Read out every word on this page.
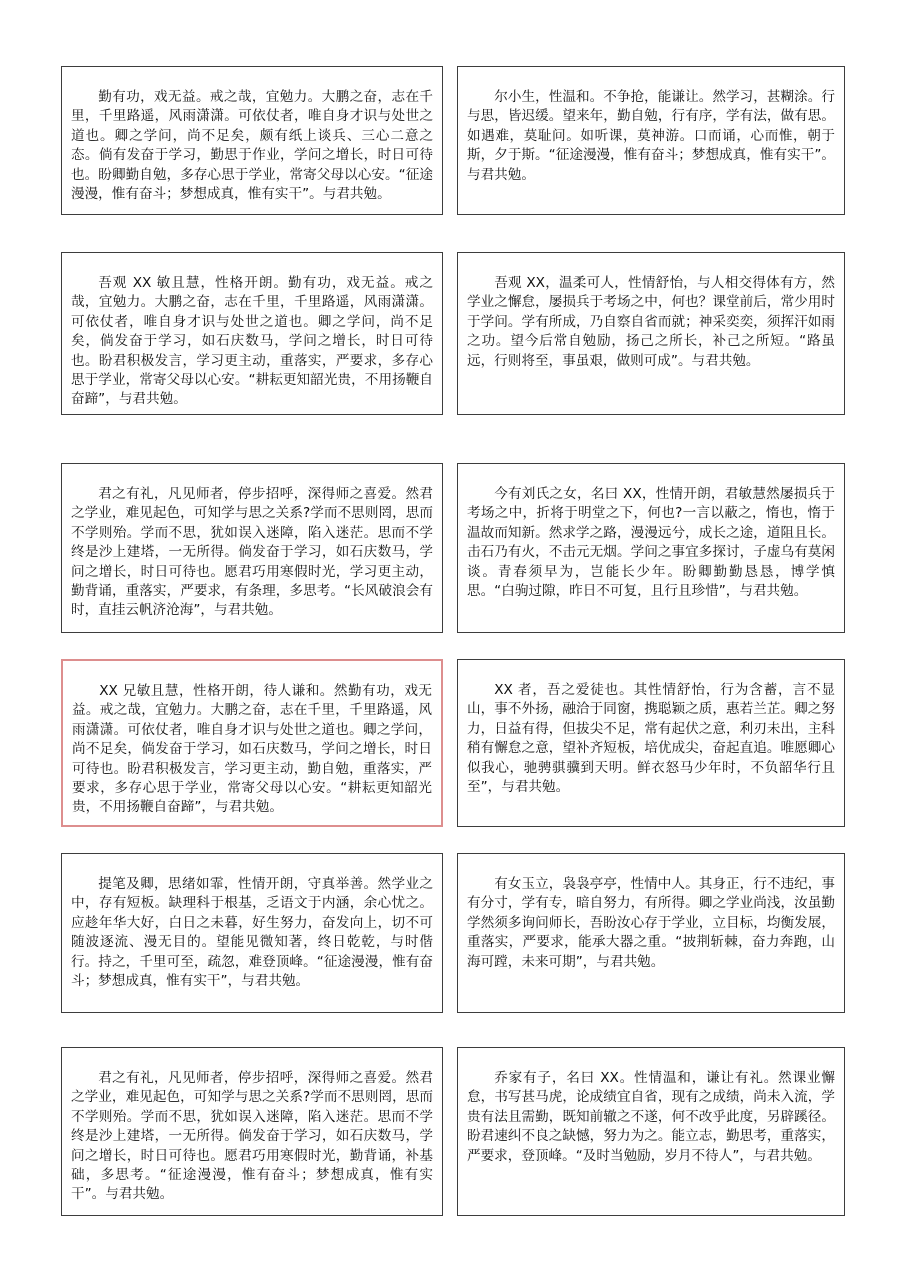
勤有功，戏无益。戒之哉，宜勉力。大鹏之奋，志在千里，千里路遥，风雨潇潇。可依仗者，唯自身才识与处世之道也。卿之学问，尚不足矣，颇有纸上谈兵、三心二意之态。倘有发奋于学习，勤思于作业，学问之增长，时日可待也。盼卿勤自勉，多存心思于学业，常寄父母以心安。“征途漫漫，惟有奋斗；梦想成真，惟有实干”。与君共勉。

尔小生，性温和。不争抢，能谦让。然学习，甚糊涂。行与思，皆迟缓。望来年，勤自勉，行有序，学有法，做有思。如遇难，莫耻问。如听课，莫神游。口而诵，心而惟，朝于斯，夕于斯。“征途漫漫，惟有奋斗；梦想成真，惟有实干”。与君共勉。

吾观 XX 敏且慧，性格开朗。勤有功，戏无益。戒之哉，宜勉力。大鹏之奋，志在千里，千里路遥，风雨潇潇。可依仗者，唯自身才识与处世之道也。卿之学问，尚不足矣，倘发奋于学习，如石庆数马，学问之增长，时日可待也。盼君积极发言，学习更主动，重落实，严要求，多存心思于学业，常寄父母以心安。“耕耘更知韶光贵，不用扬鞭自奋蹄”，与君共勉。

吾观 XX，温柔可人，性情舒怡，与人相交得体有方，然学业之懈怠，屡损兵于考场之中，何也？课堂前后，常少用时于学问。学有所成，乃自察自省而就；神采奕奕，须挥汗如雨之功。望今后常自勉励，扬己之所长，补己之所短。“路虽远，行则将至，事虽艰，做则可成”。与君共勉。

君之有礼，凡见师者，停步招呼，深得师之喜爱。然君之学业，难见起色，可知学与思之关系?学而不思则罔，思而不学则殆。学而不思，犹如误入迷障，陷入迷茫。思而不学终是沙上建塔，一无所得。倘发奋于学习，如石庆数马，学问之增长，时日可待也。愿君巧用寒假时光，学习更主动，勤背诵，重落实，严要求，有条理，多思考。“长风破浪会有时，直挂云帆济沧海”，与君共勉。

今有刘氏之女，名曰 XX，性情开朗，君敏慧然屡损兵于考场之中，折将于明堂之下，何也?一言以蔽之，惰也，惰于温故而知新。然求学之路，漫漫远兮，成长之途，道阻且长。击石乃有火，不击元无烟。学问之事宜多探讨，子虚乌有莫闲谈。青春须早为，岂能长少年。盼卿勤勤恳恳，博学慎思。“白驹过隙，昨日不可复，且行且珍惜”，与君共勉。

XX 兄敏且慧，性格开朗，待人谦和。然勤有功，戏无益。戒之哉，宜勉力。大鹏之奋，志在千里，千里路遥，风雨潇潇。可依仗者，唯自身才识与处世之道也。卿之学问，尚不足矣，倘发奋于学习，如石庆数马，学问之增长，时日可待也。盼君积极发言，学习更主动，勤自勉，重落实，严要求，多存心思于学业，常寄父母以心安。“耕耘更知韶光贵，不用扬鞭自奋蹄”，与君共勉。

XX 者，吾之爱徒也。其性情舒怡，行为含蓄，言不显山，事不外扬，融洽于同窗，携聪颖之质，惠若兰芷。卿之努力，日益有得，但拔尖不足，常有起伏之意，利刃未出，主科稍有懈怠之意，望补齐短板，培优成尖，奋起直追。唯愿卿心似我心，驰骋骐骥到天明。鲜衣怒马少年时，不负韶华行且至”，与君共勉。

提笔及卿，思绪如霏，性情开朗，守真举善。然学业之中，存有短板。缺理科于根基，乏语文于内涵，余心忧之。应趁年华大好，白日之未暮，好生努力，奋发向上，切不可随波逐流、漫无目的。望能见微知著，终日乾乾，与时偕行。持之，千里可至，疏忽，难登顶峰。“征途漫漫，惟有奋斗；梦想成真，惟有实干”，与君共勉。

有女玉立，袅袅亭亭，性情中人。其身正，行不违纪，事有分寸，学有专，暗自努力，有所得。卿之学业尚浅，汝虽勤学然须多询问师长，吾盼汝心存于学业，立目标，均衡发展，重落实，严要求，能承大器之重。“披荆斩棘，奋力奔跑，山海可蹚，未来可期”，与君共勉。

君之有礼，凡见师者，停步招呼，深得师之喜爱。然君之学业，难见起色，可知学与思之关系?学而不思则罔，思而不学则殆。学而不思，犹如误入迷障，陷入迷茫。思而不学终是沙上建塔，一无所得。倘发奋于学习，如石庆数马，学问之增长，时日可待也。愿君巧用寒假时光，勤背诵，补基础，多思考。“征途漫漫，惟有奋斗；梦想成真，惟有实干”。与君共勉。

乔家有子，名曰 XX。性情温和，谦让有礼。然课业懈怠，书写甚马虎，论成绩宜自省，现有之成绩，尚未入流，学贵有法且需勤，既知前辙之不遂，何不改乎此度，另辟蹊径。盼君速纠不良之缺憾，努力为之。能立志，勤思考，重落实，严要求，登顶峰。“及时当勉励，岁月不待人”，与君共勉。
